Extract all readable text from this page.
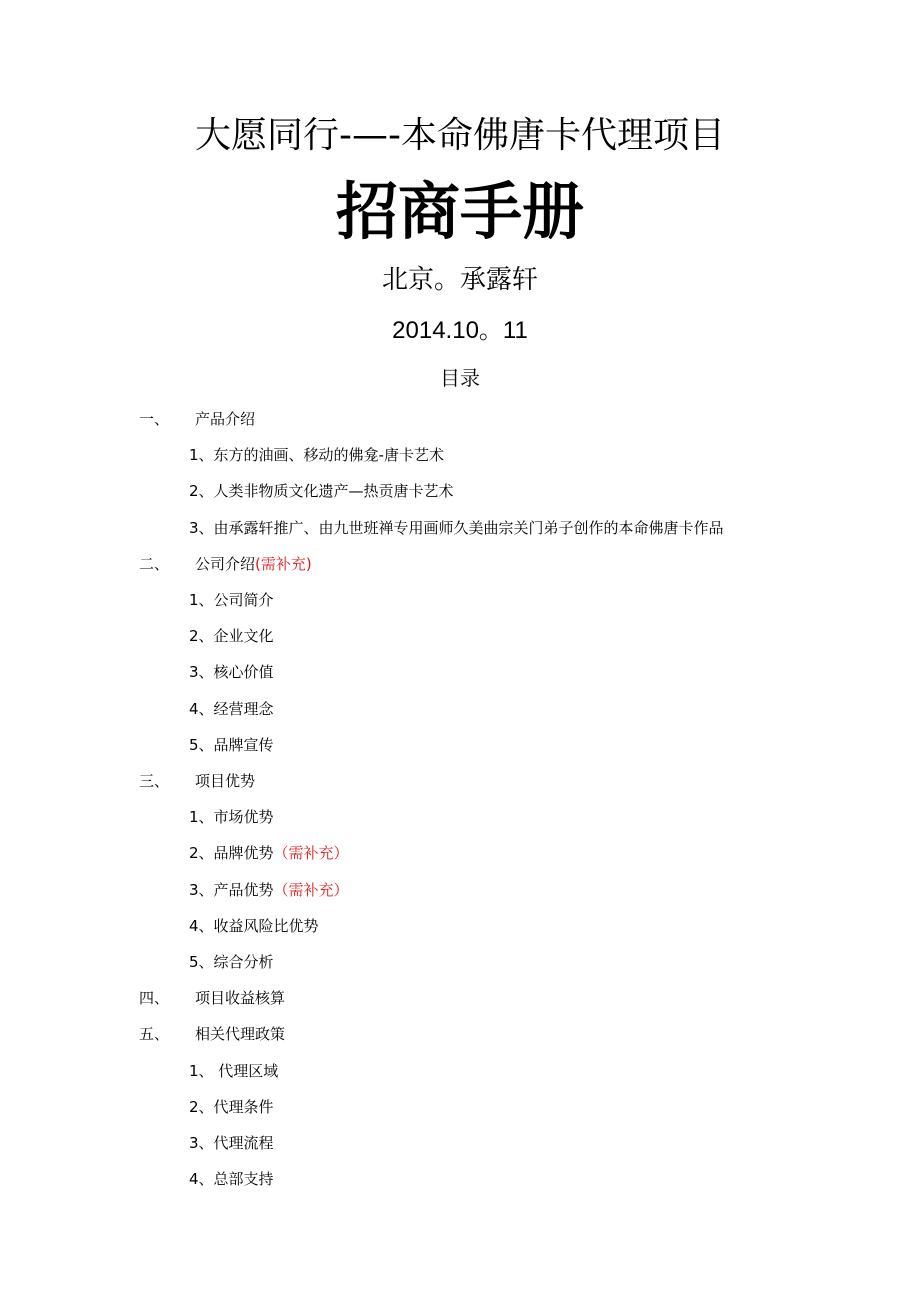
大愿同行-—-本命佛唐卡代理项目
招商手册
北京。承露轩
2014.10。11
目录
一、 产品介绍
1、东方的油画、移动的佛龛-唐卡艺术
2、人类非物质文化遗产—热贡唐卡艺术
3、由承露轩推广、由九世班禅专用画师久美曲宗关门弟子创作的本命佛唐卡作品
二、 公司介绍(需补充)
1、公司简介
2、企业文化
3、核心价值
4、经营理念
5、品牌宣传
三、 项目优势
1、市场优势
2、品牌优势（需补充）
3、产品优势（需补充）
4、收益风险比优势
5、综合分析
四、 项目收益核算
五、 相关代理政策
1、 代理区域
2、代理条件
3、代理流程
4、总部支持
